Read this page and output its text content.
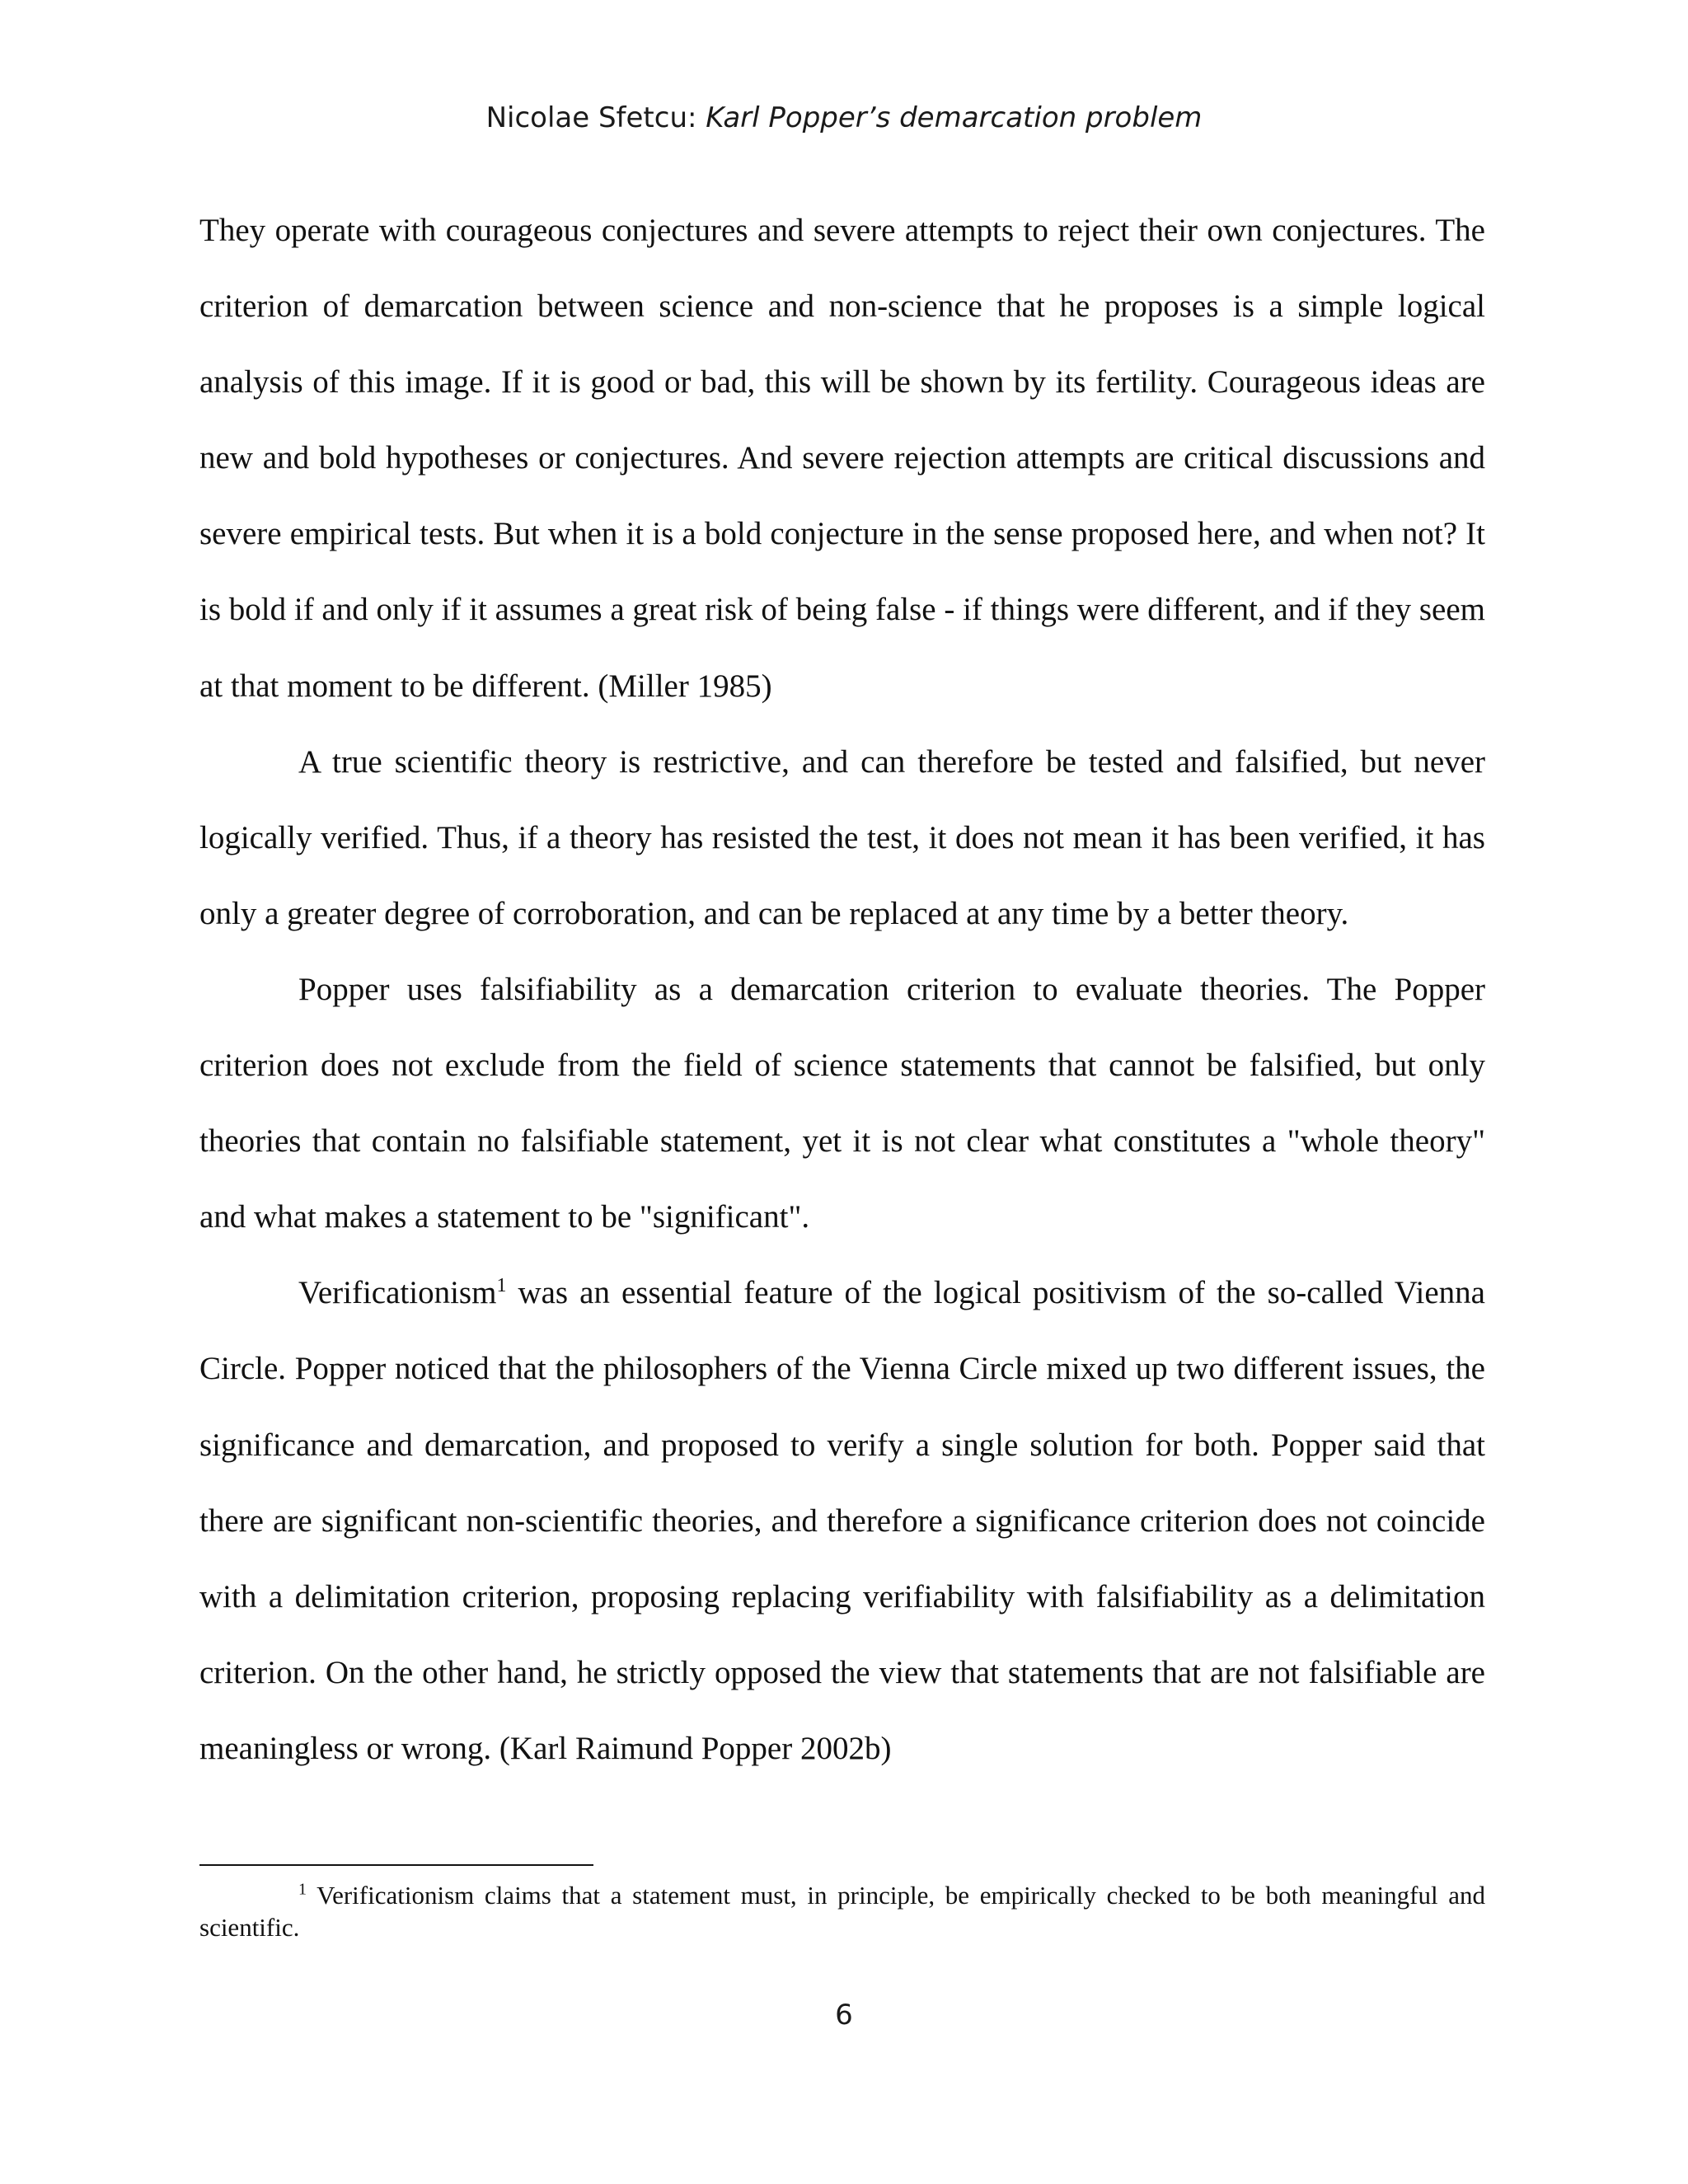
Nicolae Sfetcu: Karl Popper’s demarcation problem

They operate with courageous conjectures and severe attempts to reject their own conjectures. The criterion of demarcation between science and non-science that he proposes is a simple logical analysis of this image. If it is good or bad, this will be shown by its fertility. Courageous ideas are new and bold hypotheses or conjectures. And severe rejection attempts are critical discussions and severe empirical tests. But when it is a bold conjecture in the sense proposed here, and when not? It is bold if and only if it assumes a great risk of being false - if things were different, and if they seem at that moment to be different. (Miller 1985)

A true scientific theory is restrictive, and can therefore be tested and falsified, but never logically verified. Thus, if a theory has resisted the test, it does not mean it has been verified, it has only a greater degree of corroboration, and can be replaced at any time by a better theory.

Popper uses falsifiability as a demarcation criterion to evaluate theories. The Popper criterion does not exclude from the field of science statements that cannot be falsified, but only theories that contain no falsifiable statement, yet it is not clear what constitutes a "whole theory" and what makes a statement to be "significant".

Verificationism$^1$ was an essential feature of the logical positivism of the so-called Vienna Circle. Popper noticed that the philosophers of the Vienna Circle mixed up two different issues, the significance and demarcation, and proposed to verify a single solution for both. Popper said that there are significant non-scientific theories, and therefore a significance criterion does not coincide with a delimitation criterion, proposing replacing verifiability with falsifiability as a delimitation criterion. On the other hand, he strictly opposed the view that statements that are not falsifiable are meaningless or wrong. (Karl Raimund Popper 2002b)

$^1$ Verificationism claims that a statement must, in principle, be empirically checked to be both meaningful and scientific.
6
